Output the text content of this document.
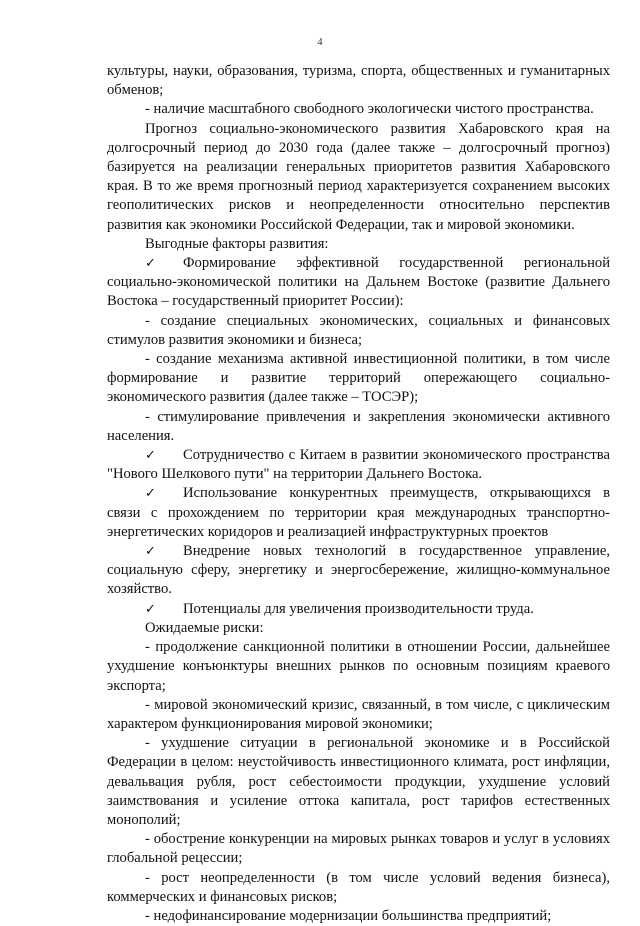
4

культуры, науки, образования, туризма, спорта, общественных и гуманитарных обменов;

- наличие масштабного свободного экологически чистого пространства.

Прогноз социально-экономического развития Хабаровского края на долгосрочный период до 2030 года (далее также – долгосрочный прогноз) базируется на реализации генеральных приоритетов развития Хабаровского края. В то же время прогнозный период характеризуется сохранением высоких геополитических рисков и неопределенности относительно перспектив развития как экономики Российской Федерации, так и мировой экономики.

Выгодные факторы развития:

✓ Формирование эффективной государственной региональной социально-экономической политики на Дальнем Востоке (развитие Дальнего Востока – государственный приоритет России):

- создание специальных экономических, социальных и финансовых стимулов развития экономики и бизнеса;

- создание механизма активной инвестиционной политики, в том числе формирование и развитие территорий опережающего социально-экономического развития (далее также – ТОСЭР);

- стимулирование привлечения и закрепления экономически активного населения.

✓ Сотрудничество с Китаем в развитии экономического пространства "Нового Шелкового пути" на территории Дальнего Востока.

✓ Использование конкурентных преимуществ, открывающихся в связи с прохождением по территории края международных транспортно-энергетических коридоров и реализацией инфраструктурных проектов

✓ Внедрение новых технологий в государственное управление, социальную сферу, энергетику и энергосбережение, жилищно-коммунальное хозяйство.

✓ Потенциалы для увеличения производительности труда.

Ожидаемые риски:

- продолжение санкционной политики в отношении России, дальнейшее ухудшение конъюнктуры внешних рынков по основным позициям краевого экспорта;

- мировой экономический кризис, связанный, в том числе, с циклическим характером функционирования мировой экономики;

- ухудшение ситуации в региональной экономике и в Российской Федерации в целом: неустойчивость инвестиционного климата, рост инфляции, девальвация рубля, рост себестоимости продукции, ухудшение условий заимствования и усиление оттока капитала, рост тарифов естественных монополий;

- обострение конкуренции на мировых рынках товаров и услуг в условиях глобальной рецессии;

- рост неопределенности (в том числе условий ведения бизнеса), коммерческих и финансовых рисков;

- недофинансирование модернизации большинства предприятий;
